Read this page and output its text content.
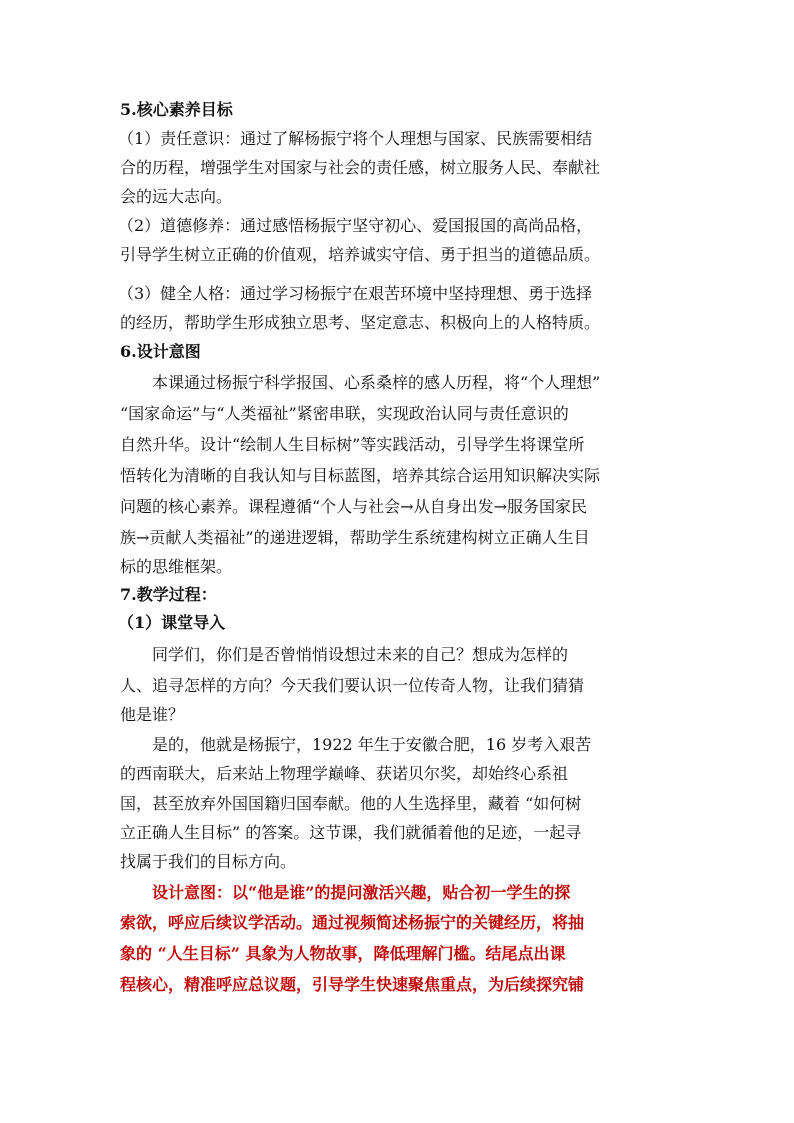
5.核心素养目标
（1）责任意识：通过了解杨振宁将个人理想与国家、民族需要相结
合的历程，增强学生对国家与社会的责任感，树立服务人民、奉献社
会的远大志向。
（2）道德修养：通过感悟杨振宁坚守初心、爱国报国的高尚品格，
引导学生树立正确的价值观，培养诚实守信、勇于担当的道德品质。
（3）健全人格：通过学习杨振宁在艰苦环境中坚持理想、勇于选择
的经历，帮助学生形成独立思考、坚定意志、积极向上的人格特质。
6.设计意图
本课通过杨振宁科学报国、心系桑梓的感人历程，将“个人理想”
“国家命运”与“人类福祉”紧密串联，实现政治认同与责任意识的
自然升华。设计“绘制人生目标树”等实践活动，引导学生将课堂所
悟转化为清晰的自我认知与目标蓝图，培养其综合运用知识解决实际
问题的核心素养。课程遵循“个人与社会→从自身出发→服务国家民
族→贡献人类福祉”的递进逻辑，帮助学生系统建构树立正确人生目
标的思维框架。
7.教学过程：
（1）课堂导入
同学们，你们是否曾悄悄设想过未来的自己？想成为怎样的
人、追寻怎样的方向？今天我们要认识一位传奇人物，让我们猜猜
他是谁？
是的，他就是杨振宁，1922 年生于安徽合肥，16 岁考入艰苦
的西南联大，后来站上物理学巅峰、获诺贝尔奖，却始终心系祖
国，甚至放弃外国国籍归国奉献。他的人生选择里，藏着 “如何树
立正确人生目标” 的答案。这节课，我们就循着他的足迹，一起寻
找属于我们的目标方向。
设计意图：以“他是谁”的提问激活兴趣，贴合初一学生的探
索欲，呼应后续议学活动。通过视频简述杨振宁的关键经历，将抽
象的 “人生目标” 具象为人物故事，降低理解门槛。结尾点出课
程核心，精准呼应总议题，引导学生快速聚焦重点，为后续探究铺
